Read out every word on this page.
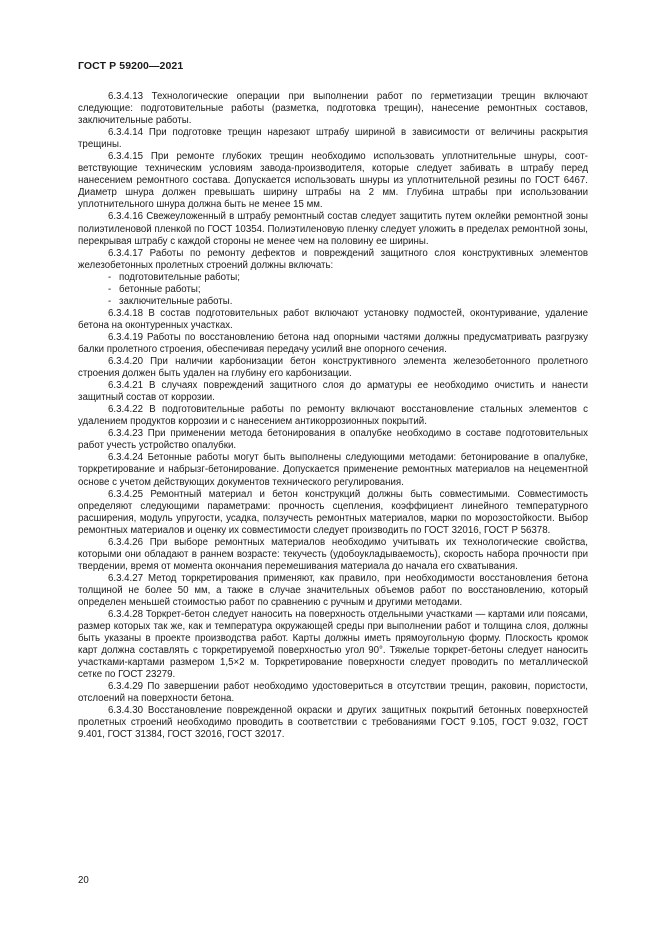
ГОСТ Р 59200—2021

6.3.4.13 Технологические операции при выполнении работ по герметизации трещин включают следующие: подготовительные работы (разметка, подготовка трещин), нанесение ремонтных составов, заключительные работы.

6.3.4.14 При подготовке трещин нарезают штрабу шириной в зависимости от величины раскрытия трещины.

6.3.4.15 При ремонте глубоких трещин необходимо использовать уплотнительные шнуры, соответствующие техническим условиям завода-производителя, которые следует забивать в штрабу перед нанесением ремонтного состава. Допускается использовать шнуры из уплотнительной резины по ГОСТ 6467. Диаметр шнура должен превышать ширину штрабы на 2 мм. Глубина штрабы при использовании уплотнительного шнура должна быть не менее 15 мм.

6.3.4.16 Свежеуложенный в штрабу ремонтный состав следует защитить путем оклейки ремонтной зоны полиэтиленовой пленкой по ГОСТ 10354. Полиэтиленовую пленку следует уложить в пределах ремонтной зоны, перекрывая штрабу с каждой стороны не менее чем на половину ее ширины.

6.3.4.17 Работы по ремонту дефектов и повреждений защитного слоя конструктивных элементов железобетонных пролетных строений должны включать:

- подготовительные работы;

- бетонные работы;

- заключительные работы.

6.3.4.18 В состав подготовительных работ включают установку подмостей, оконтуривание, удаление бетона на оконтуренных участках.

6.3.4.19 Работы по восстановлению бетона над опорными частями должны предусматривать разгрузку балки пролетного строения, обеспечивая передачу усилий вне опорного сечения.

6.3.4.20 При наличии карбонизации бетон конструктивного элемента железобетонного пролетного строения должен быть удален на глубину его карбонизации.

6.3.4.21 В случаях повреждений защитного слоя до арматуры ее необходимо очистить и нанести защитный состав от коррозии.

6.3.4.22 В подготовительные работы по ремонту включают восстановление стальных элементов с удалением продуктов коррозии и с нанесением антикоррозионных покрытий.

6.3.4.23 При применении метода бетонирования в опалубке необходимо в составе подготовительных работ учесть устройство опалубки.

6.3.4.24 Бетонные работы могут быть выполнены следующими методами: бетонирование в опалубке, торкретирование и набрызг-бетонирование. Допускается применение ремонтных материалов на нецементной основе с учетом действующих документов технического регулирования.

6.3.4.25 Ремонтный материал и бетон конструкций должны быть совместимыми. Совместимость определяют следующими параметрами: прочность сцепления, коэффициент линейного температурного расширения, модуль упругости, усадка, ползучесть ремонтных материалов, марки по морозостойкости. Выбор ремонтных материалов и оценку их совместимости следует производить по ГОСТ 32016, ГОСТ Р 56378.

6.3.4.26 При выборе ремонтных материалов необходимо учитывать их технологические свойства, которыми они обладают в раннем возрасте: текучесть (удобоукладываемость), скорость набора прочности при твердении, время от момента окончания перемешивания материала до начала его схватывания.

6.3.4.27 Метод торкретирования применяют, как правило, при необходимости восстановления бетона толщиной не более 50 мм, а также в случае значительных объемов работ по восстановлению, который определен меньшей стоимостью работ по сравнению с ручным и другими методами.

6.3.4.28 Торкрет-бетон следует наносить на поверхность отдельными участками — картами или поясами, размер которых так же, как и температура окружающей среды при выполнении работ и толщина слоя, должны быть указаны в проекте производства работ. Карты должны иметь прямоугольную форму. Плоскость кромок карт должна составлять с торкретируемой поверхностью угол 90°. Тяжелые торкрет-бетоны следует наносить участками-картами размером 1,5×2 м. Торкретирование поверхности следует проводить по металлической сетке по ГОСТ 23279.

6.3.4.29 По завершении работ необходимо удостовериться в отсутствии трещин, раковин, пористости, отслоений на поверхности бетона.

6.3.4.30 Восстановление поврежденной окраски и других защитных покрытий бетонных поверхностей пролетных строений необходимо проводить в соответствии с требованиями ГОСТ 9.105, ГОСТ 9.032, ГОСТ 9.401, ГОСТ 31384, ГОСТ 32016, ГОСТ 32017.

20
